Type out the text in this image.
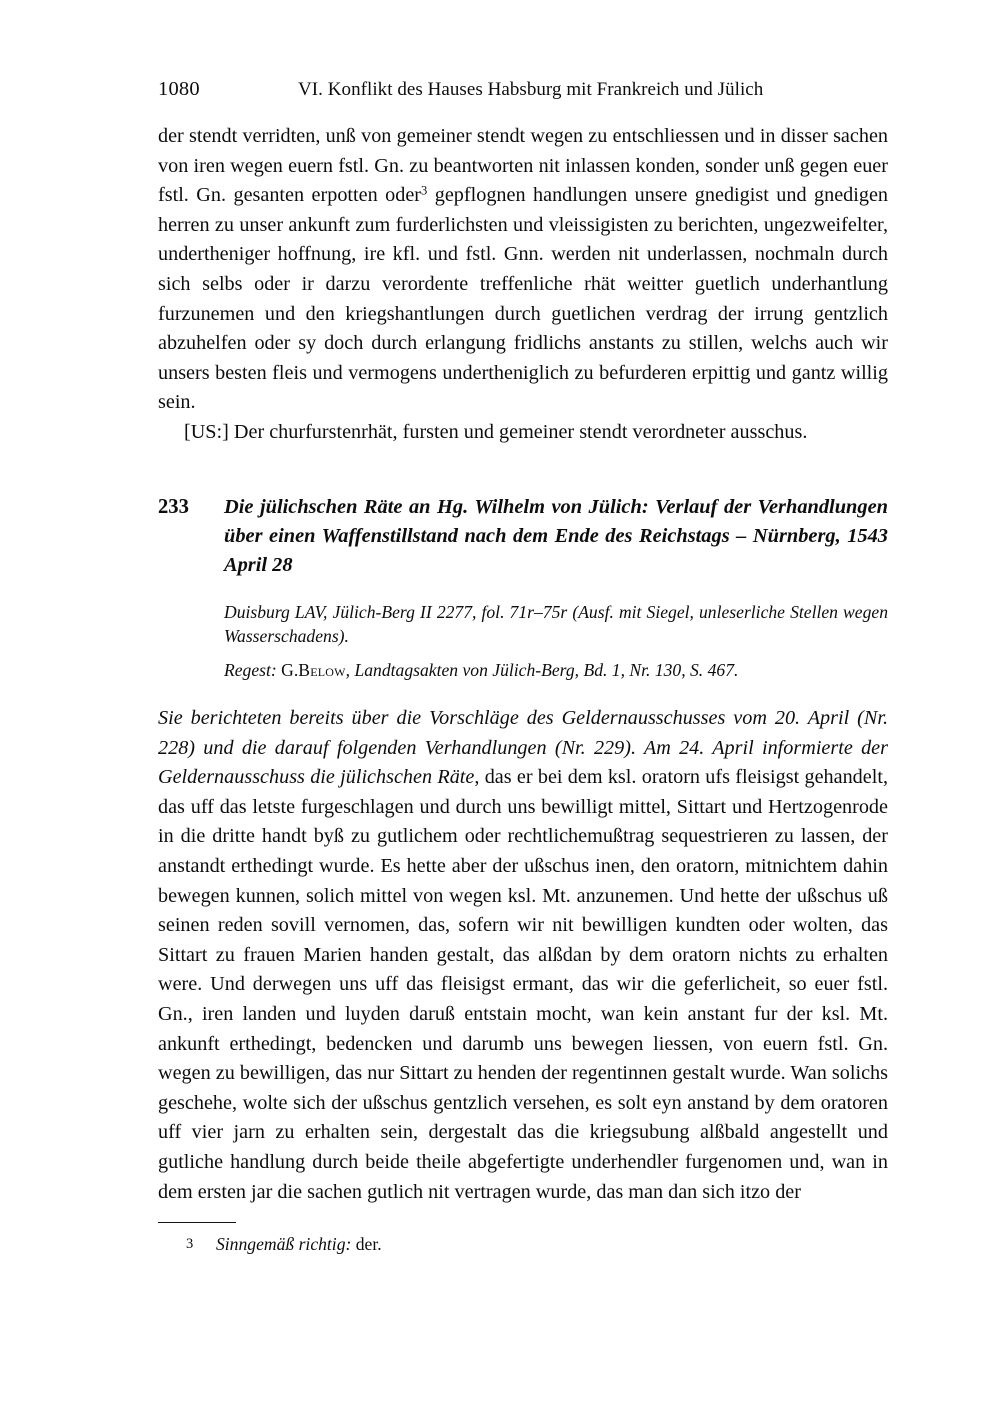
1080	VI. Konflikt des Hauses Habsburg mit Frankreich und Jülich

der stendt verridten, unß von gemeiner stendt wegen zu entschliessen und in disser sachen von iren wegen euern fstl. Gn. zu beantworten nit inlassen konden, sonder unß gegen euer fstl. Gn. gesanten erpotten oder$^3$ gepflognen handlungen unsere gnedigist und gnedigen herren zu unser ankunft zum furderlichsten und vleissigisten zu berichten, ungezweifelter, undertheniger hoffnung, ire kfl. und fstl. Gnn. werden nit underlassen, nochmaln durch sich selbs oder ir darzu verordente treffenliche rhät weitter guetlich underhantlung furzunemen und den kriegshantlungen durch guetlichen verdrag der irrung gentzlich abzuhelfen oder sy doch durch erlangung fridlichs anstants zu stillen, welchs auch wir unsers besten fleis und vermogens undertheniglich zu befurderen erpittig und gantz willig sein.

[US:] Der churfurstenrhät, fursten und gemeiner stendt verordneter ausschus.

233 Die jülichschen Räte an Hg. Wilhelm von Jülich: Verlauf der Verhandlungen über einen Waffenstillstand nach dem Ende des Reichstags – Nürnberg, 1543 April 28

Duisburg LAV, Jülich-Berg II 2277, fol. 71r–75r (Ausf. mit Siegel, unleserliche Stellen wegen Wasserschadens).

Regest: G.Below, Landtagsakten von Jülich-Berg, Bd. 1, Nr. 130, S. 467.

Sie berichteten bereits über die Vorschläge des Geldernausschusses vom 20. April (Nr. 228) und die darauf folgenden Verhandlungen (Nr. 229). Am 24. April informierte der Geldernausschuss die jülichschen Räte, das er bei dem ksl. oratorn ufs fleisigst gehandelt, das uff das letste furgeschlagen und durch uns bewilligt mittel, Sittart und Hertzogenrode in die dritte handt byß zu gutlichem oder rechtlichemußtrag sequestrieren zu lassen, der anstandt erthedingt wurde. Es hette aber der ußschus inen, den oratorn, mitnichtem dahin bewegen kunnen, solich mittel von wegen ksl. Mt. anzunemen. Und hette der ußschus uß seinen reden sovill vernomen, das, sofern wir nit bewilligen kundten oder wolten, das Sittart zu frauen Marien handen gestalt, das alßdan by dem oratorn nichts zu erhalten were. Und derwegen uns uff das fleisigst ermant, das wir die geferlicheit, so euer fstl. Gn., iren landen und luyden daruß entstain mocht, wan kein anstant fur der ksl. Mt. ankunft erthedingt, bedencken und darumb uns bewegen liessen, von euern fstl. Gn. wegen zu bewilligen, das nur Sittart zu henden der regentinnen gestalt wurde. Wan solichs geschehe, wolte sich der ußschus gentzlich versehen, es solt eyn anstand by dem oratoren uff vier jarn zu erhalten sein, dergestalt das die kriegsubung alßbald angestellt und gutliche handlung durch beide theile abgefertigte underhendler furgenomen und, wan in dem ersten jar die sachen gutlich nit vertragen wurde, das man dan sich itzo der

3 Sinngemäß richtig: der.
